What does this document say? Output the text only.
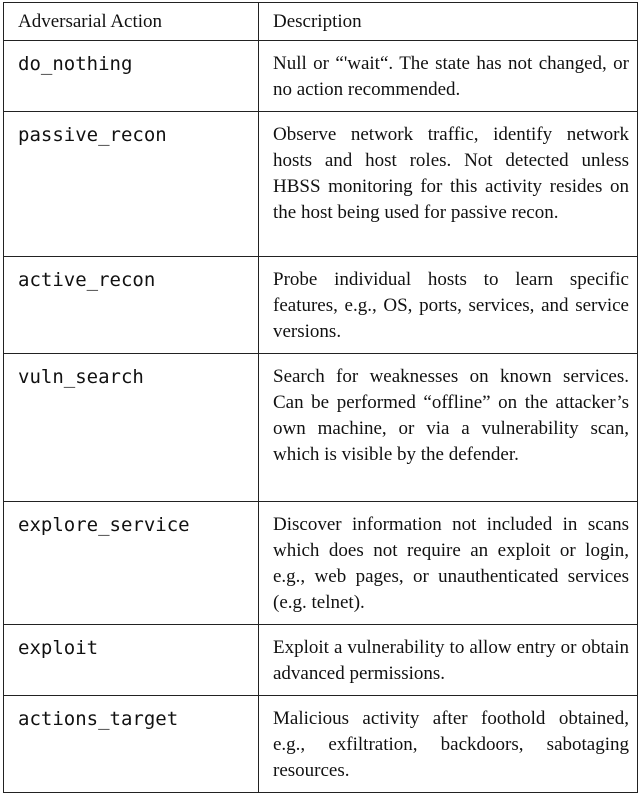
Adversarial Action	Description
do_nothing	Null or “'wait“. The state has not changed, or no action recommended.
passive_recon	Observe network traffic, identify network hosts and host roles. Not detected unless HBSS monitoring for this activity resides on the host being used for passive recon.
active_recon	Probe individual hosts to learn specific features, e.g., OS, ports, services, and service versions.
vuln_search	Search for weaknesses on known services. Can be performed “offline” on the attacker’s own machine, or via a vulnerability scan, which is visible by the defender.
explore_service	Discover information not included in scans which does not require an exploit or login, e.g., web pages, or unauthenticated services (e.g. telnet).
exploit	Exploit a vulnerability to allow entry or obtain advanced permissions.
actions_target	Malicious activity after foothold obtained, e.g., exfiltration, backdoors, sabotaging resources.
